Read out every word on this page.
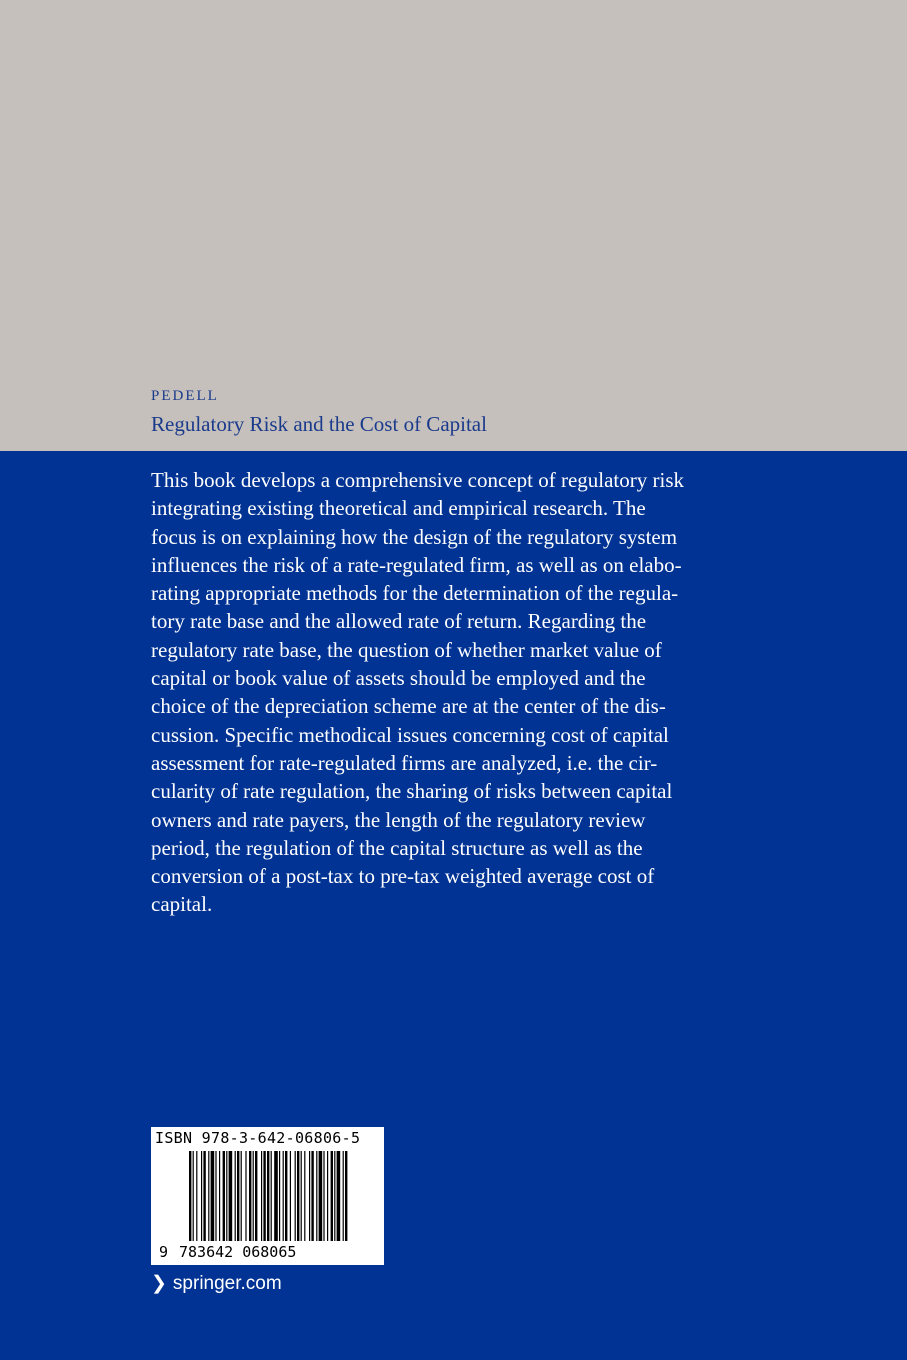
PEDELL
Regulatory Risk and the Cost of Capital
This book develops a comprehensive concept of regulatory risk
integrating existing theoretical and empirical research. The
focus is on explaining how the design of the regulatory system
influences the risk of a rate-regulated firm, as well as on elabo-
rating appropriate methods for the determination of the regula-
tory rate base and the allowed rate of return. Regarding the
regulatory rate base, the question of whether market value of
capital or book value of assets should be employed and the
choice of the depreciation scheme are at the center of the dis-
cussion. Specific methodical issues concerning cost of capital
assessment for rate-regulated firms are analyzed, i.e. the cir-
cularity of rate regulation, the sharing of risks between capital
owners and rate payers, the length of the regulatory review
period, the regulation of the capital structure as well as the
conversion of a post-tax to pre-tax weighted average cost of
capital.
ISBN 978-3-642-06806-5
9 783642 068065
❯ springer.com
